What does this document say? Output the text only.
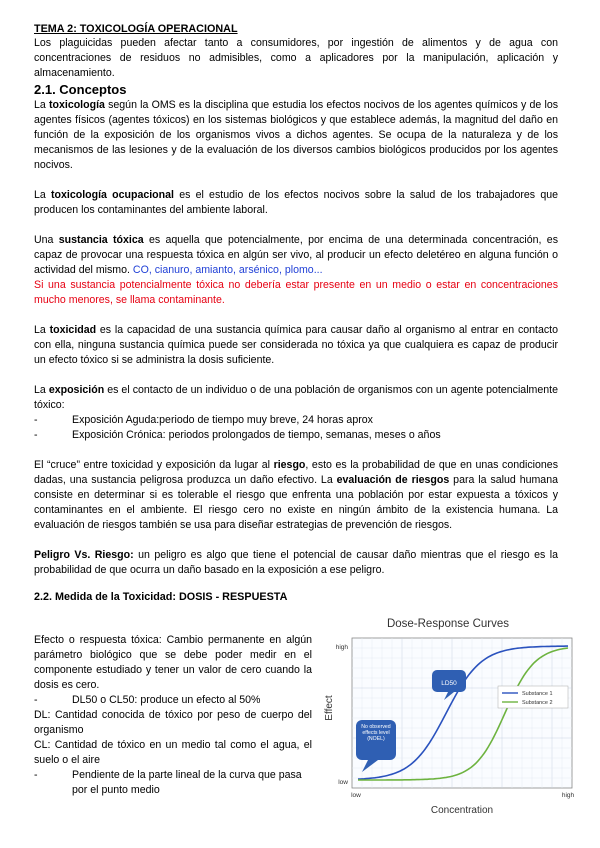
TEMA 2: TOXICOLOGÍA OPERACIONAL

Los plaguicidas pueden afectar tanto a consumidores, por ingestión de alimentos y de agua con concentraciones de residuos no admisibles, como a aplicadores por la manipulación, aplicación y almacenamiento.

2.1. Conceptos

La toxicología según la OMS es la disciplina que estudia los efectos nocivos de los agentes químicos y de los agentes físicos (agentes tóxicos) en los sistemas biológicos y que establece además, la magnitud del daño en función de la exposición de los organismos vivos a dichos agentes. Se ocupa de la naturaleza y de los mecanismos de las lesiones y de la evaluación de los diversos cambios biológicos producidos por los agentes nocivos.

La toxicología ocupacional es el estudio de los efectos nocivos sobre la salud de los trabajadores que producen los contaminantes del ambiente laboral.

Una sustancia tóxica es aquella que potencialmente, por encima de una determinada concentración, es capaz de provocar una respuesta tóxica en algún ser vivo, al producir un efecto deletéreo en alguna función o actividad del mismo. CO, cianuro, amianto, arsénico, plomo...

Si una sustancia potencialmente tóxica no debería estar presente en un medio o estar en concentraciones mucho menores, se llama contaminante.

La toxicidad es la capacidad de una sustancia química para causar daño al organismo al entrar en contacto con ella, ninguna sustancia química puede ser considerada no tóxica ya que cualquiera es capaz de producir un efecto tóxico si se administra la dosis suficiente.

La exposición es el contacto de un individuo o de una población de organismos con un agente potencialmente tóxico:

- Exposición Aguda:periodo de tiempo muy breve, 24 horas aprox
- Exposición Crónica: periodos prolongados de tiempo, semanas, meses o años

El “cruce” entre toxicidad y exposición da lugar al riesgo, esto es la probabilidad de que en unas condiciones dadas, una sustancia peligrosa produzca un daño efectivo. La evaluación de riesgos para la salud humana consiste en determinar si es tolerable el riesgo que enfrenta una población por estar expuesta a tóxicos y contaminantes en el ambiente. El riesgo cero no existe en ningún ámbito de la existencia humana. La evaluación de riesgos también se usa para diseñar estrategias de prevención de riesgos.

Peligro Vs. Riesgo: un peligro es algo que tiene el potencial de causar daño mientras que el riesgo es la probabilidad de que ocurra un daño basado en la exposición a ese peligro.

2.2. Medida de la Toxicidad: DOSIS - RESPUESTA

Efecto o respuesta tóxica: Cambio permanente en algún parámetro biológico que se debe poder medir en el componente estudiado y tener un valor de cero cuando la dosis es cero.

- DL50 o CL50: produce un efecto al 50%

DL: Cantidad conocida de tóxico por peso de cuerpo del organismo

CL: Cantidad de tóxico en un medio tal como el agua, el suelo o el aire

- Pendiente de la parte lineal de la curva que pasa por el punto medio
Dose-Response Curves
Effect
high
low
low	high
Concentration
LD50
No observed effects level (NOEL)
Substance 1
Substance 2
